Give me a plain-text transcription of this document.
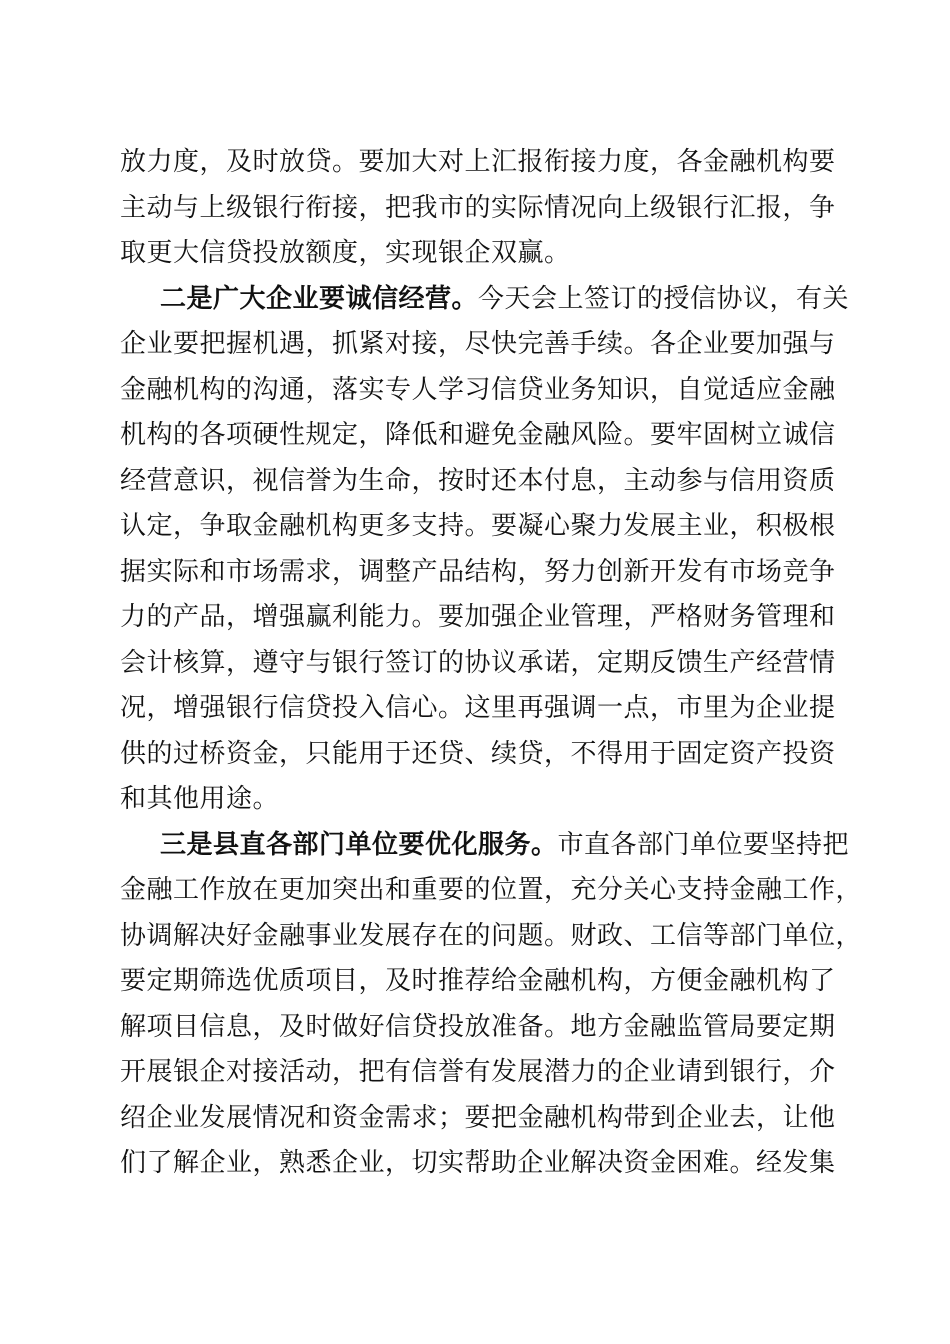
放力度，及时放贷。要加大对上汇报衔接力度，各金融机构要
主动与上级银行衔接，把我市的实际情况向上级银行汇报，争
取更大信贷投放额度，实现银企双赢。
二是广大企业要诚信经营。今天会上签订的授信协议，有关
企业要把握机遇，抓紧对接，尽快完善手续。各企业要加强与
金融机构的沟通，落实专人学习信贷业务知识，自觉适应金融
机构的各项硬性规定，降低和避免金融风险。要牢固树立诚信
经营意识，视信誉为生命，按时还本付息，主动参与信用资质
认定，争取金融机构更多支持。要凝心聚力发展主业，积极根
据实际和市场需求，调整产品结构，努力创新开发有市场竞争
力的产品，增强赢利能力。要加强企业管理，严格财务管理和
会计核算，遵守与银行签订的协议承诺，定期反馈生产经营情
况，增强银行信贷投入信心。这里再强调一点，市里为企业提
供的过桥资金，只能用于还贷、续贷，不得用于固定资产投资
和其他用途。
三是县直各部门单位要优化服务。市直各部门单位要坚持把
金融工作放在更加突出和重要的位置，充分关心支持金融工作，
协调解决好金融事业发展存在的问题。财政、工信等部门单位，
要定期筛选优质项目，及时推荐给金融机构，方便金融机构了
解项目信息，及时做好信贷投放准备。地方金融监管局要定期
开展银企对接活动，把有信誉有发展潜力的企业请到银行，介
绍企业发展情况和资金需求；要把金融机构带到企业去，让他
们了解企业，熟悉企业，切实帮助企业解决资金困难。经发集
